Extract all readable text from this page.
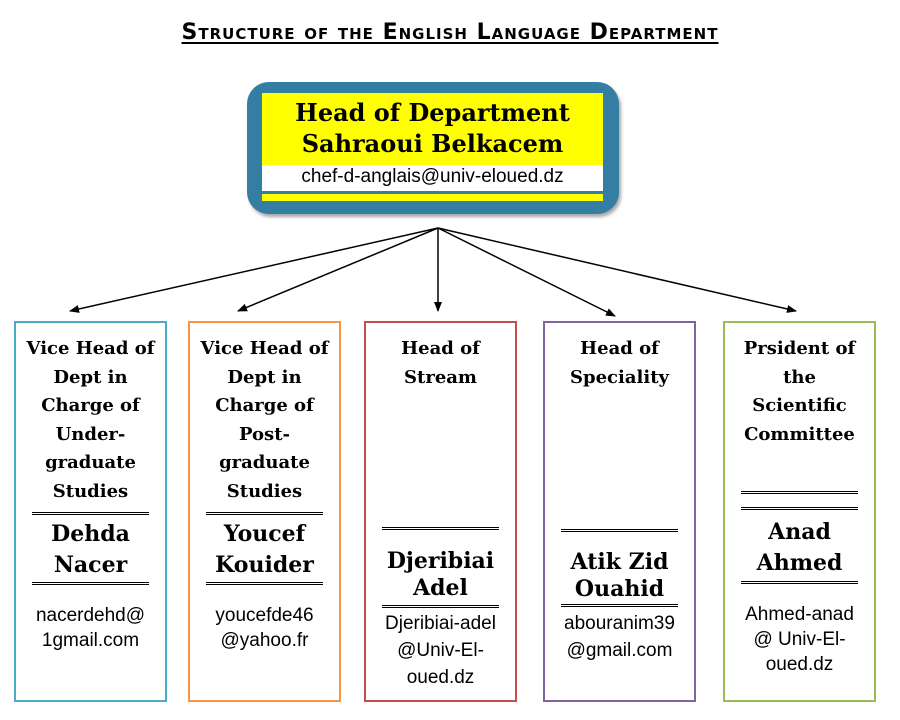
Structure of the English Language Department
Head of Department
Sahraoui Belkacem
chef-d-anglais@univ-eloued.dz
Vice Head of
Dept in
Charge of
Under-
graduate
Studies
Dehda
Nacer
nacerdehd@
1gmail.com
Vice Head of
Dept in
Charge of
Post-
graduate
Studies
Youcef
Kouider
youcefde46
@yahoo.fr
Head of
Stream
Djeribiai
Adel
Djeribiai-adel
@Univ-El-
oued.dz
Head of
Speciality
Atik Zid
Ouahid
abouranim39
@gmail.com
Prsident of the
Scientific
Committee
Anad
Ahmed
Ahmed-anad
@ Univ-El-
oued.dz
